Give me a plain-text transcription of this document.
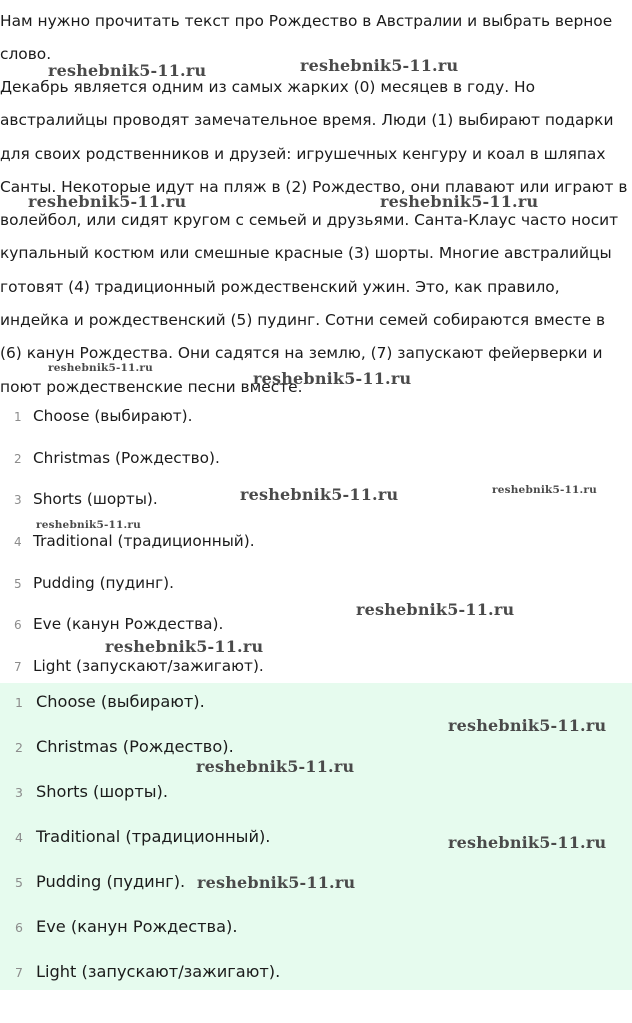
Нам нужно прочитать текст про Рождество в Австралии и выбрать верное слово.

Декабрь является одним из самых жарких (0) месяцев в году. Но австралийцы проводят замечательное время. Люди (1) выбирают подарки для своих родственников и друзей: игрушечных кенгуру и коал в шляпах Санты. Некоторые идут на пляж в (2) Рождество, они плавают или играют в волейбол, или сидят кругом с семьей и друзьями. Санта-Клаус часто носит купальный костюм или смешные красные (3) шорты. Многие австралийцы готовят (4) традиционный рождественский ужин. Это, как правило, индейка и рождественский (5) пудинг. Сотни семей собираются вместе в (6) канун Рождества. Они садятся на землю, (7) запускают фейерверки и поют рождественские песни вместе.

1 Choose (выбирают).
2 Christmas (Рождество).
3 Shorts (шорты).
4 Traditional (традиционный).
5 Pudding (пудинг).
6 Eve (канун Рождества).
7 Light (запускают/зажигают).
1 Choose (выбирают).
2 Christmas (Рождество).
3 Shorts (шорты).
4 Traditional (традиционный).
5 Pudding (пудинг).
6 Eve (канун Рождества).
7 Light (запускают/зажигают).
reshebnik5-11.ru	reshebnik5-11.ru
reshebnik5-11.ru	reshebnik5-11.ru
reshebnik5-11.ru
reshebnik5-11.ru
reshebnik5-11.ru	reshebnik5-11.ru
reshebnik5-11.ru
reshebnik5-11.ru
reshebnik5-11.ru
reshebnik5-11.ru
reshebnik5-11.ru
reshebnik5-11.ru
reshebnik5-11.ru
